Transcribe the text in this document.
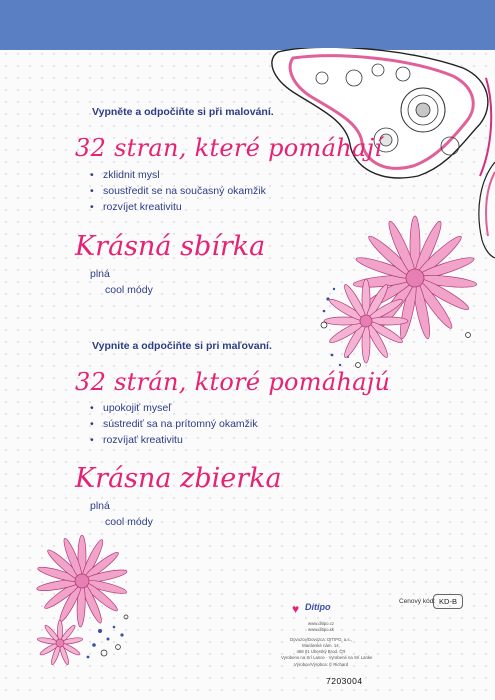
Vypněte a odpočiňte si při malování.
32 stran, které pomáhají
• zklidnit mysl
• soustředit se na současný okamžik
• rozvíjet kreativitu
Krásná sbírka
plná
cool módy
Vypnite a odpočiňte si pri maľovaní.
32 strán, ktoré pomáhajú
• upokojiť myseľ
• sústrediť sa na prítomný okamžik
• rozvíjať kreativitu
Krásna zbierka
plná
cool módy
♥ Ditipo
www.ditipo.cz
www.ditipo.sk
Dovozce/Dovozca: DITIPO, a.s.,
Mariánské nám. 14,
468 01 Uherský Brod, ČR
Vyrobeno na Srí Lance · Vyrobené na Srí Lanke
Výrobce/Výrobca: © Richard
Cenový kód: KD-B
7203004
